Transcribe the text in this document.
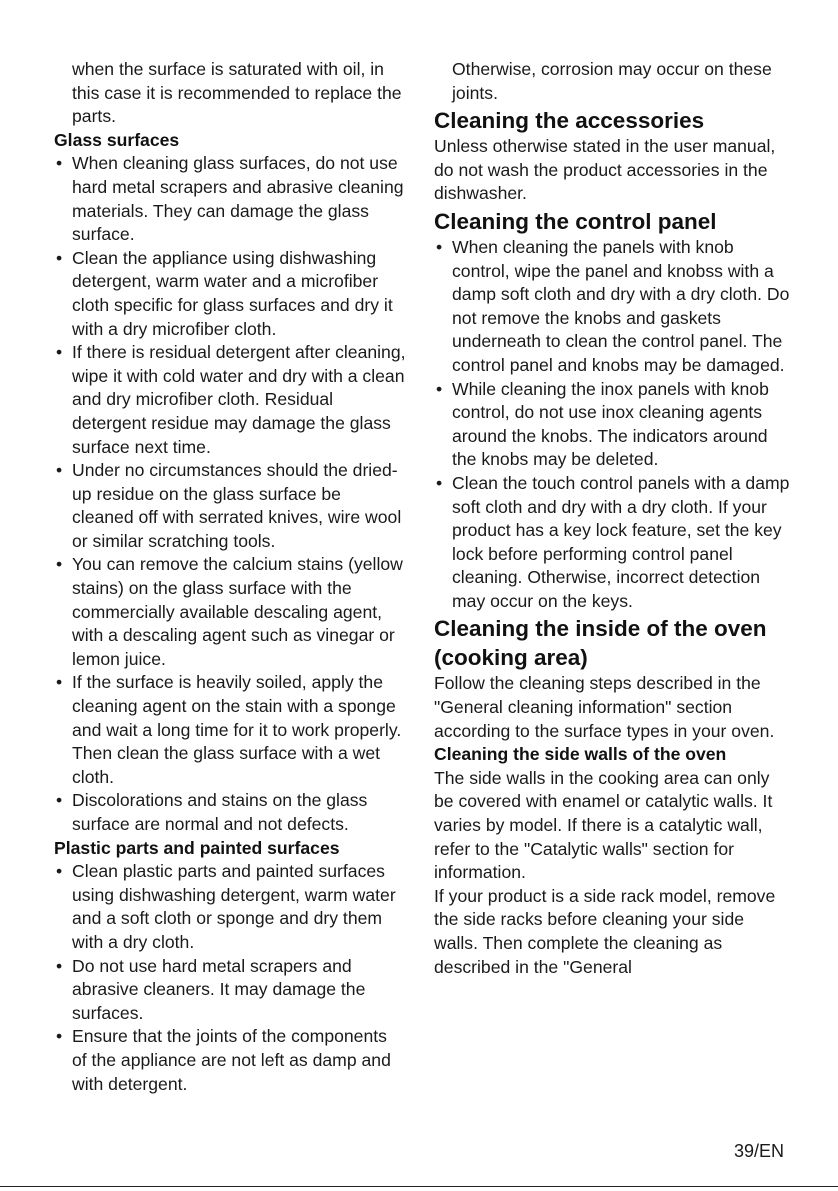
when the surface is saturated with oil, in this case it is recommended to replace the parts.

Glass surfaces

• When cleaning glass surfaces, do not use hard metal scrapers and abrasive cleaning materials. They can damage the glass surface.
• Clean the appliance using dishwashing detergent, warm water and a microfiber cloth specific for glass surfaces and dry it with a dry microfiber cloth.
• If there is residual detergent after cleaning, wipe it with cold water and dry with a clean and dry microfiber cloth. Residual detergent residue may damage the glass surface next time.
• Under no circumstances should the dried-up residue on the glass surface be cleaned off with serrated knives, wire wool or similar scratching tools.
• You can remove the calcium stains (yellow stains) on the glass surface with the commercially available descaling agent, with a descaling agent such as vinegar or lemon juice.
• If the surface is heavily soiled, apply the cleaning agent on the stain with a sponge and wait a long time for it to work properly. Then clean the glass surface with a wet cloth.
• Discolorations and stains on the glass surface are normal and not defects.

Plastic parts and painted surfaces

• Clean plastic parts and painted surfaces using dishwashing detergent, warm water and a soft cloth or sponge and dry them with a dry cloth.
• Do not use hard metal scrapers and abrasive cleaners. It may damage the surfaces.
• Ensure that the joints of the components of the appliance are not left as damp and with detergent.

Otherwise, corrosion may occur on these joints.

Cleaning the accessories

Unless otherwise stated in the user manual, do not wash the product accessories in the dishwasher.

Cleaning the control panel

• When cleaning the panels with knob control, wipe the panel and knobss with a damp soft cloth and dry with a dry cloth. Do not remove the knobs and gaskets underneath to clean the control panel. The control panel and knobs may be damaged.
• While cleaning the inox panels with knob control, do not use inox cleaning agents around the knobs. The indicators around the knobs may be deleted.
• Clean the touch control panels with a damp soft cloth and dry with a dry cloth. If your product has a key lock feature, set the key lock before performing control panel cleaning. Otherwise, incorrect detection may occur on the keys.

Cleaning the inside of the oven (cooking area)

Follow the cleaning steps described in the "General cleaning information" section according to the surface types in your oven.

Cleaning the side walls of the oven

The side walls in the cooking area can only be covered with enamel or catalytic walls. It varies by model. If there is a catalytic wall, refer to the "Catalytic walls" section for information.

If your product is a side rack model, remove the side racks before cleaning your side walls. Then complete the cleaning as described in the "General

39/EN
